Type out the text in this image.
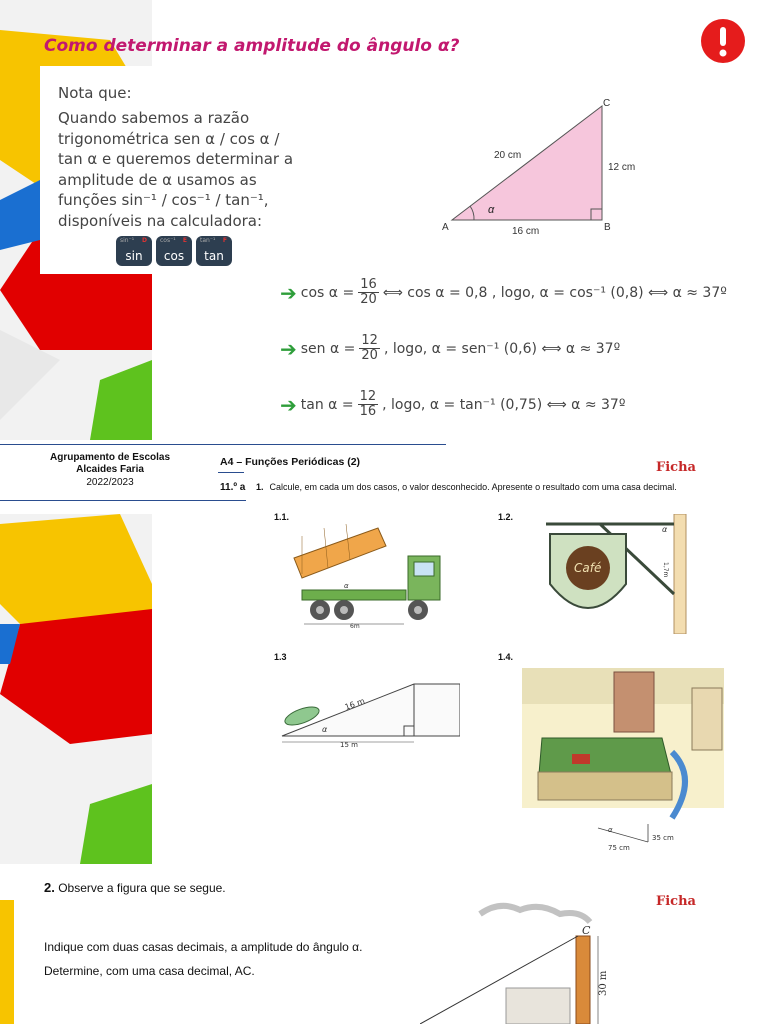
Como determinar a amplitude do ângulo α?
Nota que:
Quando sabemos a razão trigonométrica sen α / cos α / tan α e queremos determinar a amplitude de α usamos as funções sin⁻¹ / cos⁻¹ / tan⁻¹, disponíveis na calculadora:
sin⁻¹ D
sin
cos⁻¹ E
cos
tan⁻¹ F
tan
α
A	B
C
20 cm
12 cm
16 cm
➔ $\cos \alpha = \frac{16}{20}$ ⟺ cos α = 0,8 , logo, α = cos⁻¹ (0,8) ⟺ α ≈ 37º
➔ sen $\alpha = \frac{12}{20}$ , logo, α = sen⁻¹ (0,6) ⟺ α ≈ 37º
➔ $\tan \alpha = \frac{12}{16}$ , logo, α = tan⁻¹ (0,75) ⟺ α ≈ 37º
Agrupamento de Escolas Alcaides Faria
2022/2023
A4 – Funções Periódicas (2)
11.º a
Ficha
1. Calcule, em cada um dos casos, o valor desconhecido. Apresente o resultado com uma casa decimal.
1.1.
α
6m
1.2.
Café
α
1,7m
1.3
16 m
α
15 m
1.4.
α
35 cm
75 cm
2. Observe a figura que se segue.
Ficha
Indique com duas casas decimais, a amplitude do ângulo α.
Determine, com uma casa decimal, AC.
C
30 m
